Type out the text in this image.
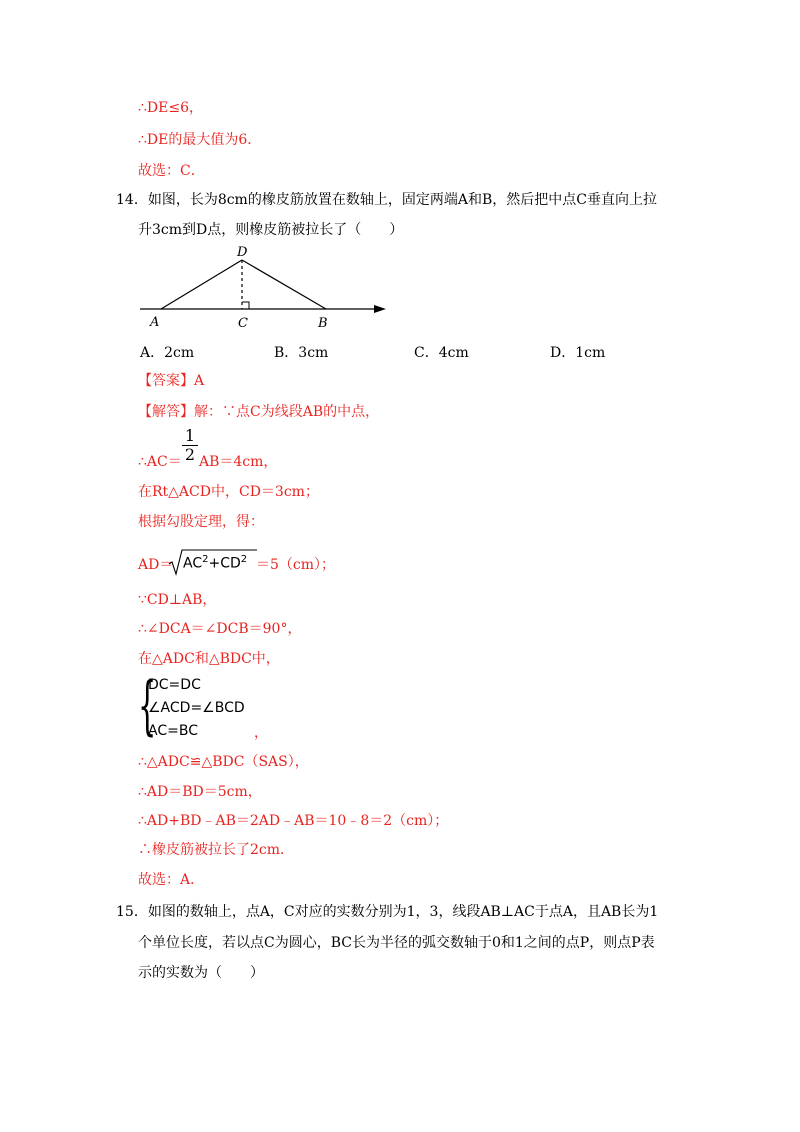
∴DE≤6，
∴DE的最大值为6．
故选：C．
14．如图，长为8cm的橡皮筋放置在数轴上，固定两端A和B，然后把中点C垂直向上拉
升3cm到D点，则橡皮筋被拉长了（　　）
A	C	B
D
A．2cm	B．3cm	C．4cm	D．1cm
【答案】A
【解答】解：∵点C为线段AB的中点，
1
2
∴AC＝ AB＝4cm，
在Rt△ACD中，CD＝3cm；
根据勾股定理，得：
$AD= AC^2+CD^2 =5(cm)$；
∵CD⊥AB，
∴∠DCA＝∠DCB＝90°，
在△ADC和△BDC中，
{
DC=DC
∠ACD=∠BCD
AC=BC	，
∴△ADC≌△BDC（SAS），
∴AD＝BD＝5cm，
∴AD+BD﹣AB＝2AD﹣AB＝10﹣8＝2（cm）；
∴橡皮筋被拉长了2cm．
故选：A．
15．如图的数轴上，点A，C对应的实数分别为1，3，线段AB⊥AC于点A，且AB长为1
个单位长度，若以点C为圆心，BC长为半径的弧交数轴于0和1之间的点P，则点P表
示的实数为（　　）
